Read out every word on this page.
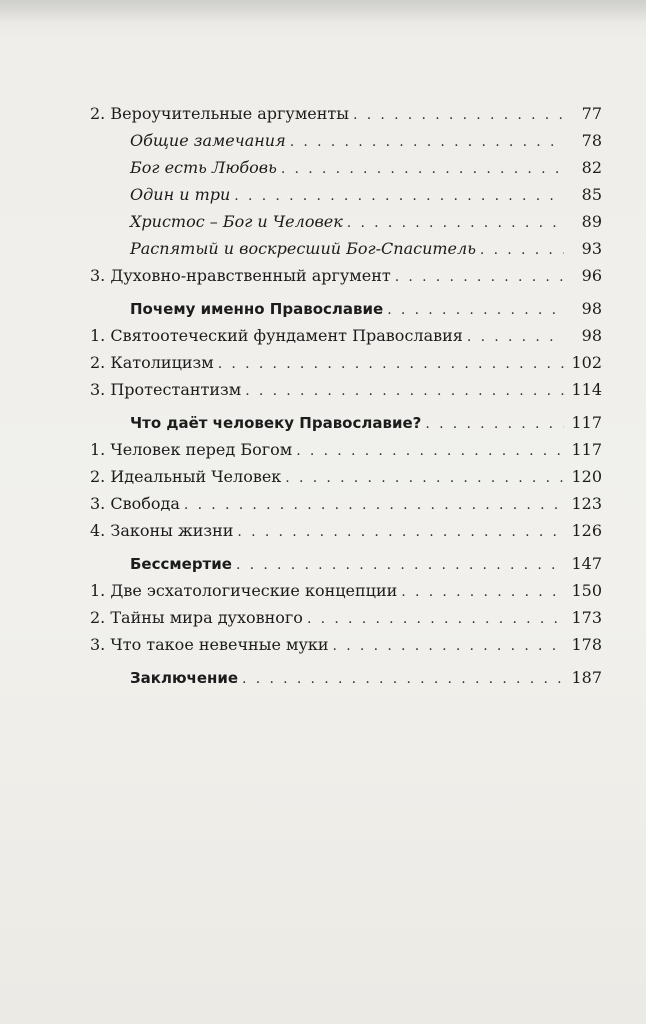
2. Вероучительные аргументы . . .	77
Общие замечания . . .	78
Бог есть Любовь . . .	82
Один и три . . .	85
Христос – Бог и Человек . . .	89
Распятый и воскресший Бог-Спаситель . . .	93
3. Духовно-нравственный аргумент . . .	96
Почему именно Православие . . .	98
1. Святоотеческий фундамент Православия . . .	98
2. Католицизм . . .	102
3. Протестантизм . . .	114
Что даёт человеку Православие? . . .	117
1. Человек перед Богом . . .	117
2. Идеальный Человек . . .	120
3. Свобода . . .	123
4. Законы жизни . . .	126
Бессмертие . . .	147
1. Две эсхатологические концепции . . .	150
2. Тайны мира духовного . . .	173
3. Что такое невечные муки . . .	178
Заключение . . .	187
